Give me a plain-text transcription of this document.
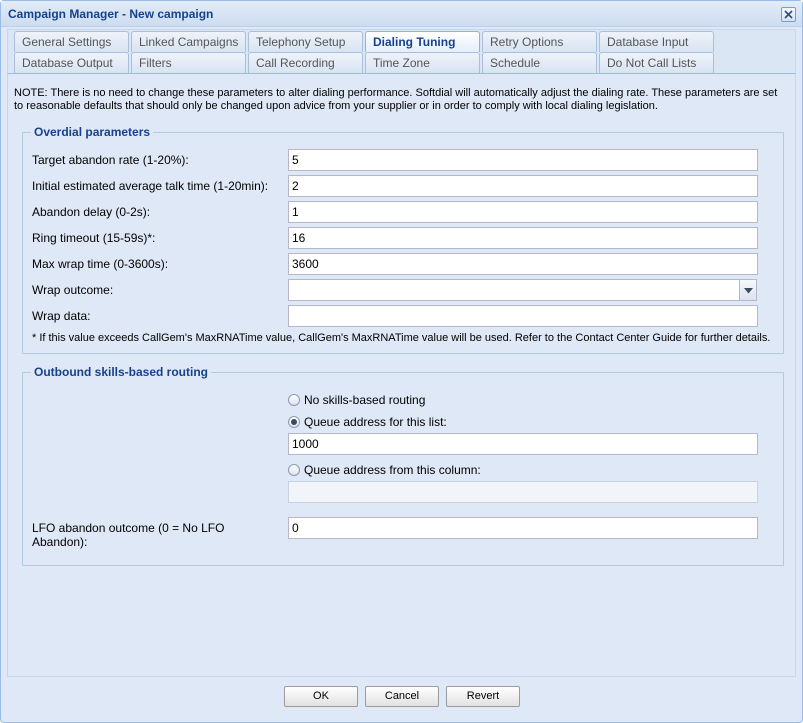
Campaign Manager - New campaign
General Settings	Linked Campaigns	Telephony Setup	Dialing Tuning	Retry Options	Database Input
Database Output	Filters	Call Recording	Time Zone	Schedule	Do Not Call Lists
NOTE: There is no need to change these parameters to alter dialing performance. Softdial will automatically adjust the dialing rate. These parameters are set to reasonable defaults that should only be changed upon advice from your supplier or in order to comply with local dialing legislation.
Overdial parameters
Target abandon rate (1-20%):
5
Initial estimated average talk time (1-20min):
2
Abandon delay (0-2s):
1
Ring timeout (15-59s)*:
16
Max wrap time (0-3600s):
3600
Wrap outcome:
Wrap data:
* If this value exceeds CallGem's MaxRNATime value, CallGem's MaxRNATime value will be used. Refer to the Contact Center Guide for further details.
Outbound skills-based routing
No skills-based routing
Queue address for this list:
1000
Queue address from this column:
LFO abandon outcome (0 = No LFO Abandon):
0
OK	Cancel	Revert
